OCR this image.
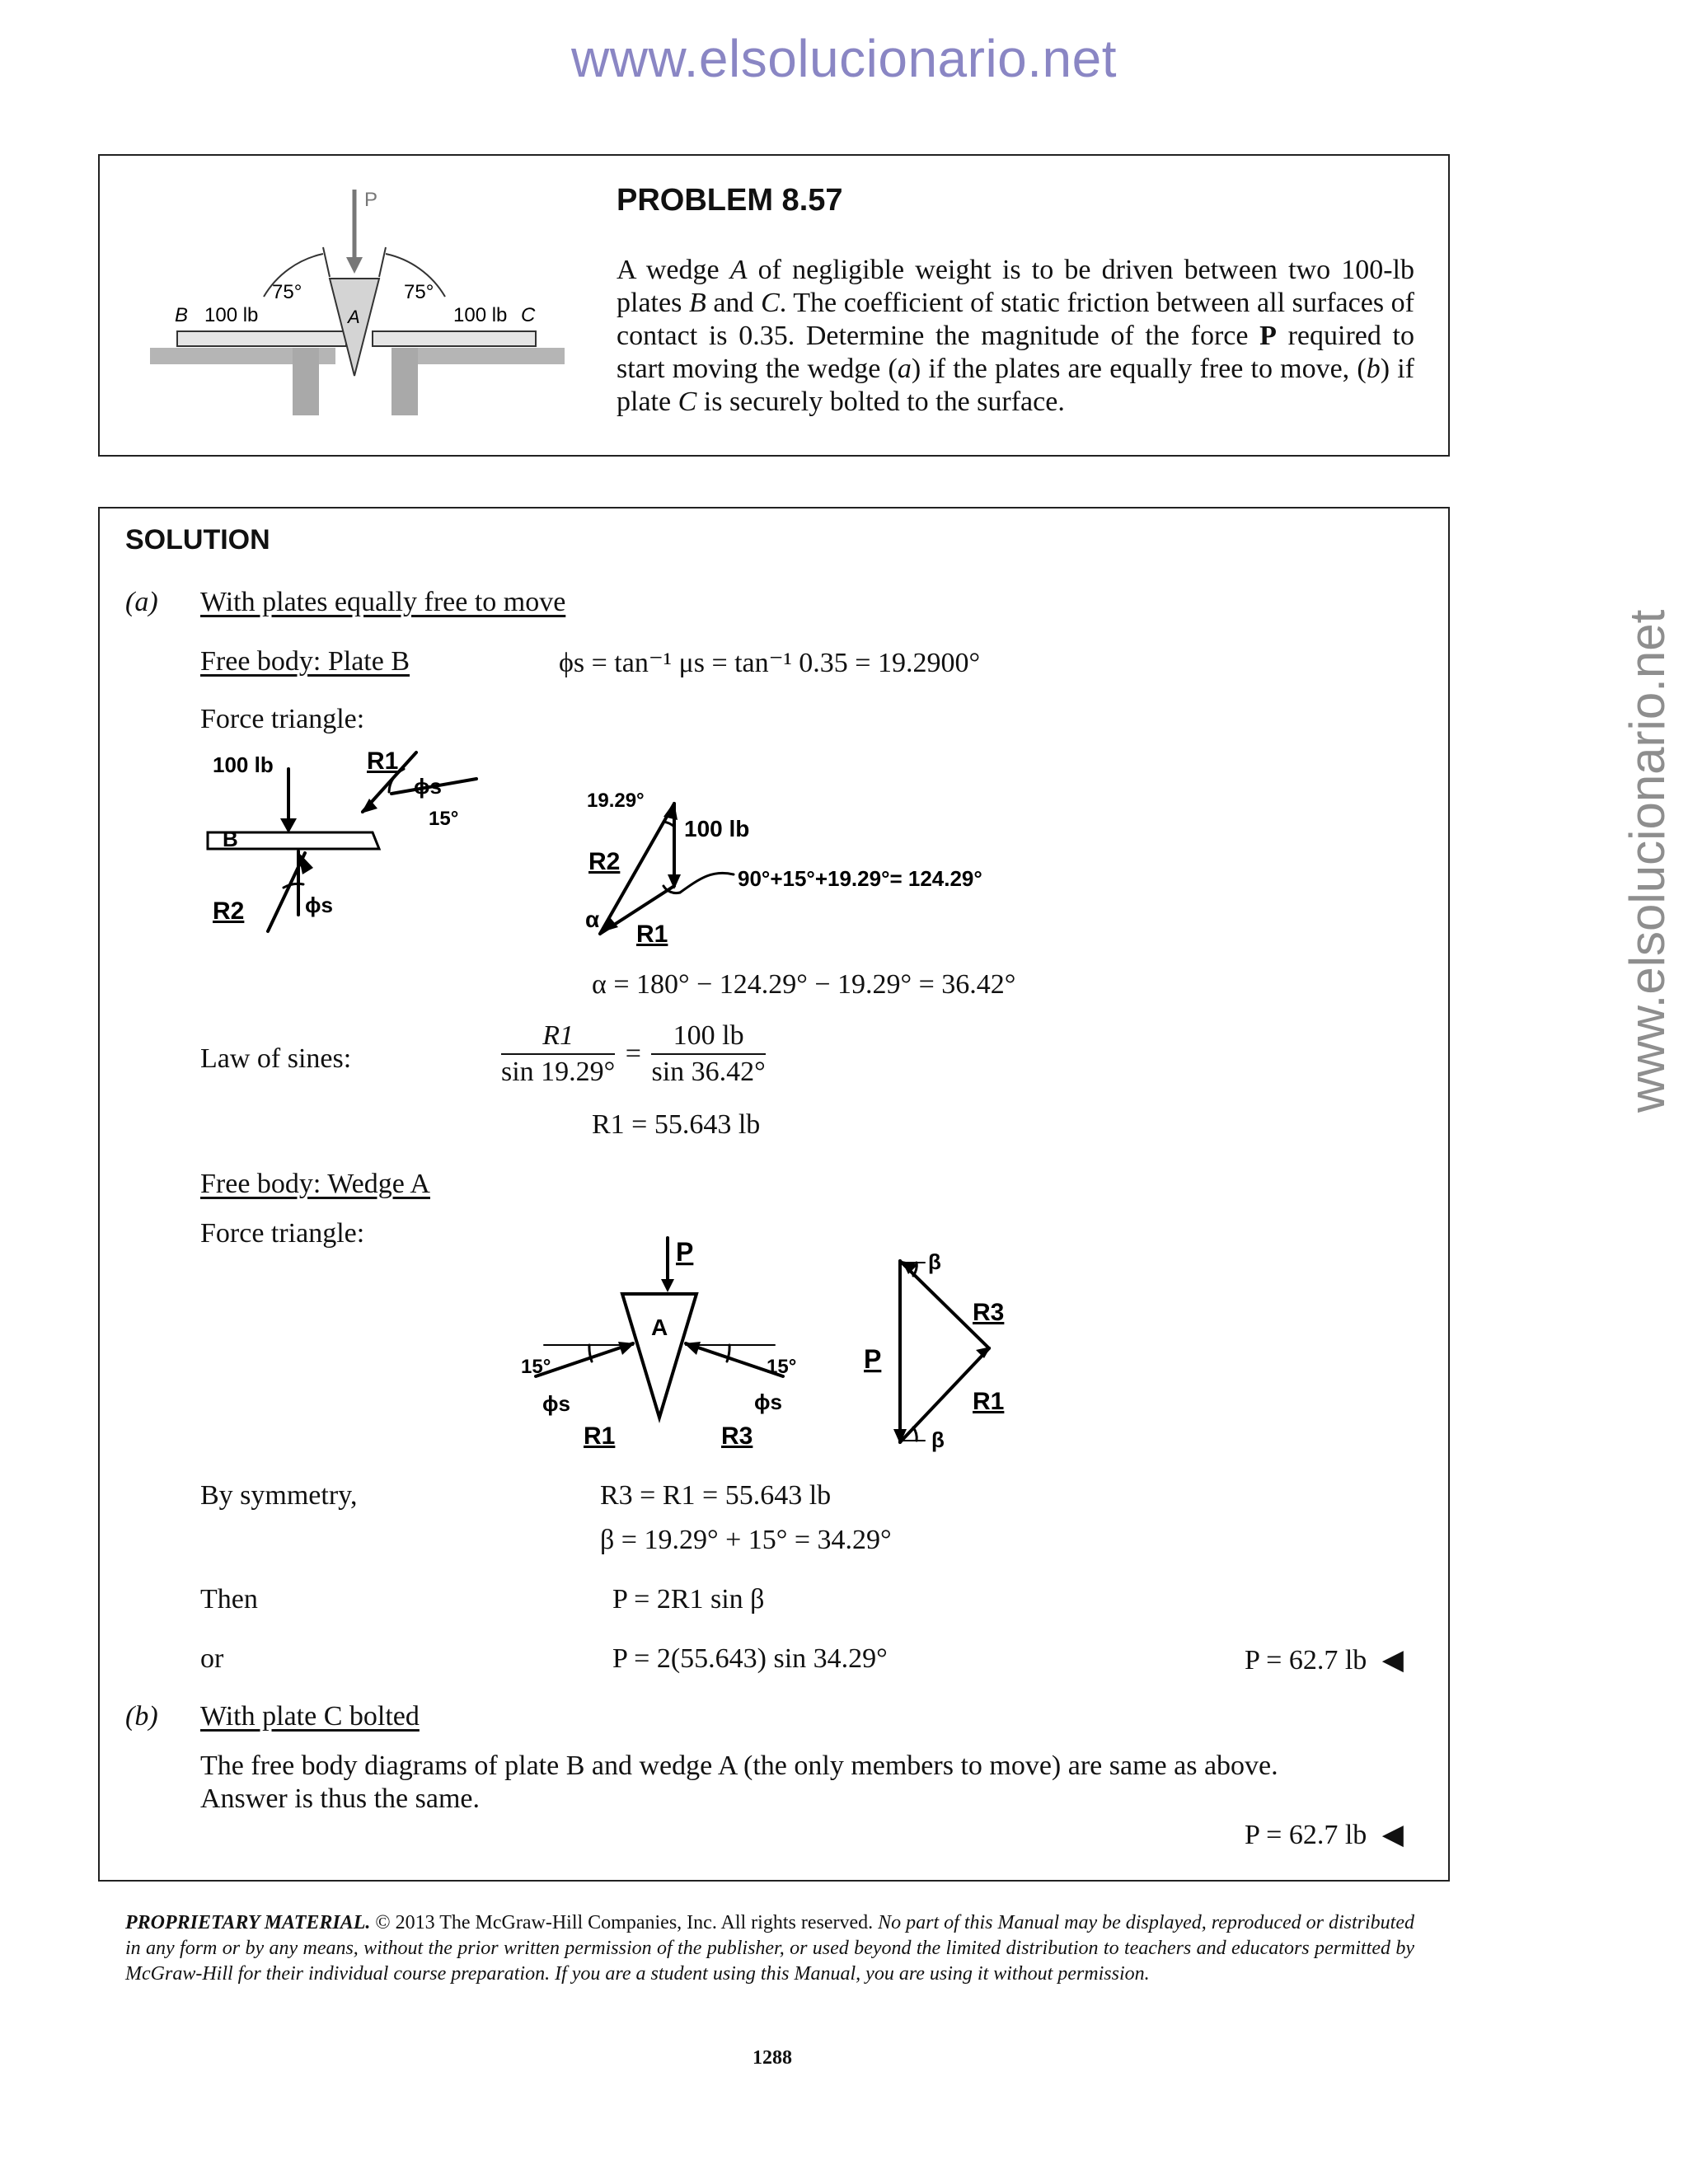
www.elsolucionario.net
www.elsolucionario.net
P
75°	75°
B 100 lb	100 lb C
A
PROBLEM 8.57
A wedge A of negligible weight is to be driven between two 100-lb plates B and C. The coefficient of static friction between all surfaces of contact is 0.35. Determine the magnitude of the force P required to start moving the wedge (a) if the plates are equally free to move, (b) if plate C is securely bolted to the surface.
SOLUTION
(a) With plates equally free to move
Free body: Plate B	ϕs = tan⁻¹ μs = tan⁻¹ 0.35 = 19.2900°
Force triangle:
100 lb	R1
ϕs
15°
B
R2	ϕs
19.29°
100 lb
R2
90°+15°+19.29°= 124.29°
α
R1
α = 180° − 124.29° − 19.29° = 36.42°
Law of sines:	$\frac{R1}{\sin 19.29^\circ} = \frac{100 lb}{\sin 36.42^\circ}$
R1 = 55.643 lb
Free body: Wedge A
Force triangle:
P
A
15°	15°
ϕs	ϕs
R1	R3
β
R3
P
R1
β
By symmetry,	R3 = R1 = 55.643 lb
β = 19.29° + 15° = 34.29°
Then	P = 2R1 sin β
or	P = 2(55.643) sin 34.29°	P = 62.7 lb ◀
(b) With plate C bolted
The free body diagrams of plate B and wedge A (the only members to move) are same as above.
Answer is thus the same.
P = 62.7 lb ◀
PROPRIETARY MATERIAL. © 2013 The McGraw-Hill Companies, Inc. All rights reserved. No part of this Manual may be displayed, reproduced or distributed in any form or by any means, without the prior written permission of the publisher, or used beyond the limited distribution to teachers and educators permitted by McGraw-Hill for their individual course preparation. If you are a student using this Manual, you are using it without permission.
1288
